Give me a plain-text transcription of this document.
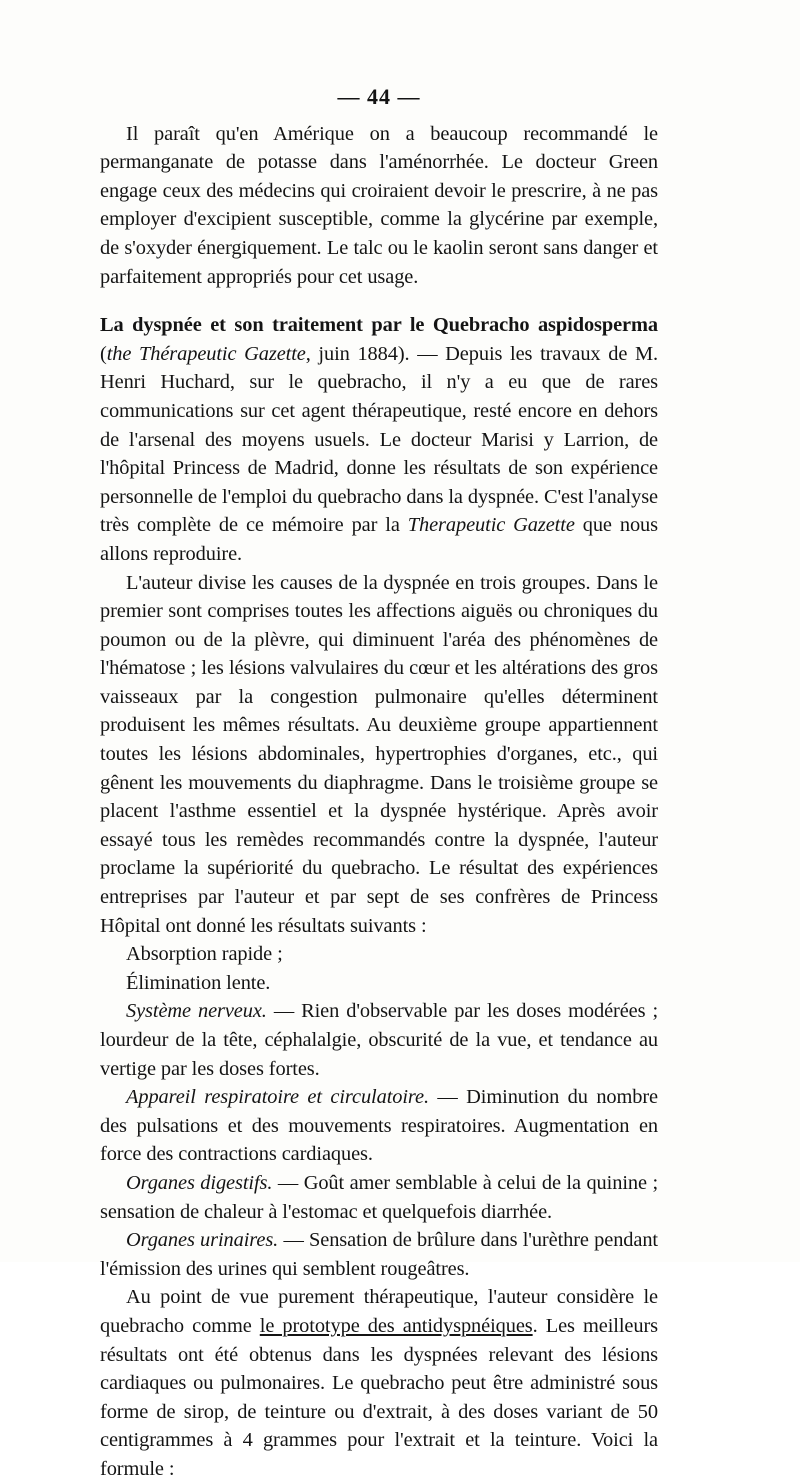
— 44 —

Il paraît qu'en Amérique on a beaucoup recommandé le permanganate de potasse dans l'aménorrhée. Le docteur Green engage ceux des médecins qui croiraient devoir le prescrire, à ne pas employer d'excipient susceptible, comme la glycérine par exemple, de s'oxyder énergiquement. Le talc ou le kaolin seront sans danger et parfaitement appropriés pour cet usage.

La dyspnée et son traitement par le Quebracho aspidosperma (the Thérapeutic Gazette, juin 1884). — Depuis les travaux de M. Henri Huchard, sur le quebracho, il n'y a eu que de rares communications sur cet agent thérapeutique, resté encore en dehors de l'arsenal des moyens usuels. Le docteur Marisi y Larrion, de l'hôpital Princess de Madrid, donne les résultats de son expérience personnelle de l'emploi du quebracho dans la dyspnée. C'est l'analyse très complète de ce mémoire par la Therapeutic Gazette que nous allons reproduire.

L'auteur divise les causes de la dyspnée en trois groupes. Dans le premier sont comprises toutes les affections aiguës ou chroniques du poumon ou de la plèvre, qui diminuent l'aréa des phénomènes de l'hématose ; les lésions valvulaires du cœur et les altérations des gros vaisseaux par la congestion pulmonaire qu'elles déterminent produisent les mêmes résultats. Au deuxième groupe appartiennent toutes les lésions abdominales, hypertrophies d'organes, etc., qui gênent les mouvements du diaphragme. Dans le troisième groupe se placent l'asthme essentiel et la dyspnée hystérique. Après avoir essayé tous les remèdes recommandés contre la dyspnée, l'auteur proclame la supériorité du quebracho. Le résultat des expériences entreprises par l'auteur et par sept de ses confrères de Princess Hôpital ont donné les résultats suivants :

Absorption rapide ;

Élimination lente.

Système nerveux. — Rien d'observable par les doses modérées ; lourdeur de la tête, céphalalgie, obscurité de la vue, et tendance au vertige par les doses fortes.

Appareil respiratoire et circulatoire. — Diminution du nombre des pulsations et des mouvements respiratoires. Augmentation en force des contractions cardiaques.

Organes digestifs. — Goût amer semblable à celui de la quinine ; sensation de chaleur à l'estomac et quelquefois diarrhée.

Organes urinaires. — Sensation de brûlure dans l'urèthre pendant l'émission des urines qui semblent rougeâtres.

Au point de vue purement thérapeutique, l'auteur considère le quebracho comme le prototype des antidyspnéiques. Les meilleurs résultats ont été obtenus dans les dyspnées relevant des lésions cardiaques ou pulmonaires. Le quebracho peut être administré sous forme de sirop, de teinture ou d'extrait, à des doses variant de 50 centigrammes à 4 grammes pour l'extrait et la teinture. Voici la formule :
